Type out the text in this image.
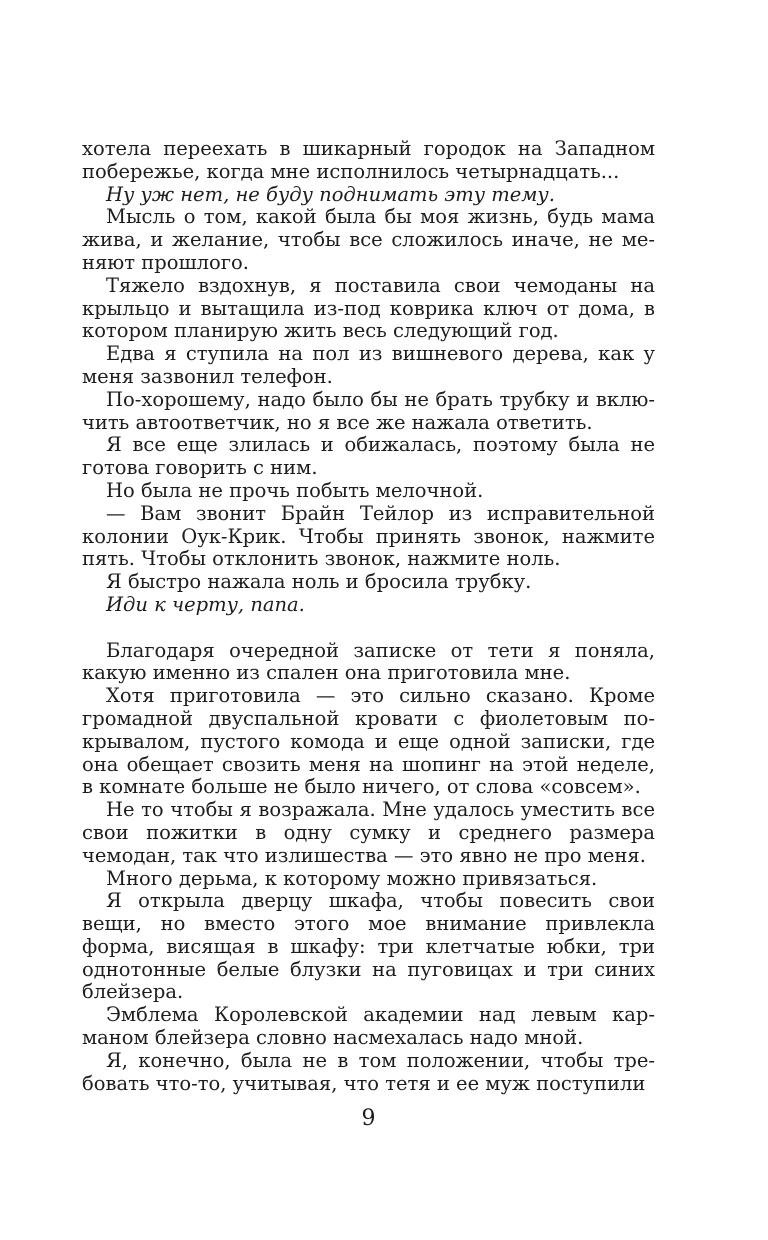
хотела переехать в шикарный городок на Западном побережье, когда мне исполнилось четырнадцать...

Ну уж нет, не буду поднимать эту тему.

Мысль о том, какой была бы моя жизнь, будь мама жива, и желание, чтобы все сложилось иначе, не меняют прошлого.

Тяжело вздохнув, я поставила свои чемоданы на крыльцо и вытащила из-под коврика ключ от дома, в котором планирую жить весь следующий год.

Едва я ступила на пол из вишневого дерева, как у меня зазвонил телефон.

По-хорошему, надо было бы не брать трубку и включить автоответчик, но я все же нажала ответить.

Я все еще злилась и обижалась, поэтому была не готова говорить с ним.

Но была не прочь побыть мелочной.

— Вам звонит Брайн Тейлор из исправительной колонии Оук-Крик. Чтобы принять звонок, нажмите пять. Чтобы отклонить звонок, нажмите ноль.

Я быстро нажала ноль и бросила трубку.

Иди к черту, папа.

Благодаря очередной записке от тети я поняла, какую именно из спален она приготовила мне.

Хотя приготовила — это сильно сказано. Кроме громадной двуспальной кровати с фиолетовым покрывалом, пустого комода и еще одной записки, где она обещает свозить меня на шопинг на этой неделе, в комнате больше не было ничего, от слова «совсем».

Не то чтобы я возражала. Мне удалось уместить все свои пожитки в одну сумку и среднего размера чемодан, так что излишества — это явно не про меня.

Много дерьма, к которому можно привязаться.

Я открыла дверцу шкафа, чтобы повесить свои вещи, но вместо этого мое внимание привлекла форма, висящая в шкафу: три клетчатые юбки, три однотонные белые блузки на пуговицах и три синих блейзера.

Эмблема Королевской академии над левым карманом блейзера словно насмехалась надо мной.

Я, конечно, была не в том положении, чтобы требовать что-то, учитывая, что тетя и ее муж поступили

9
